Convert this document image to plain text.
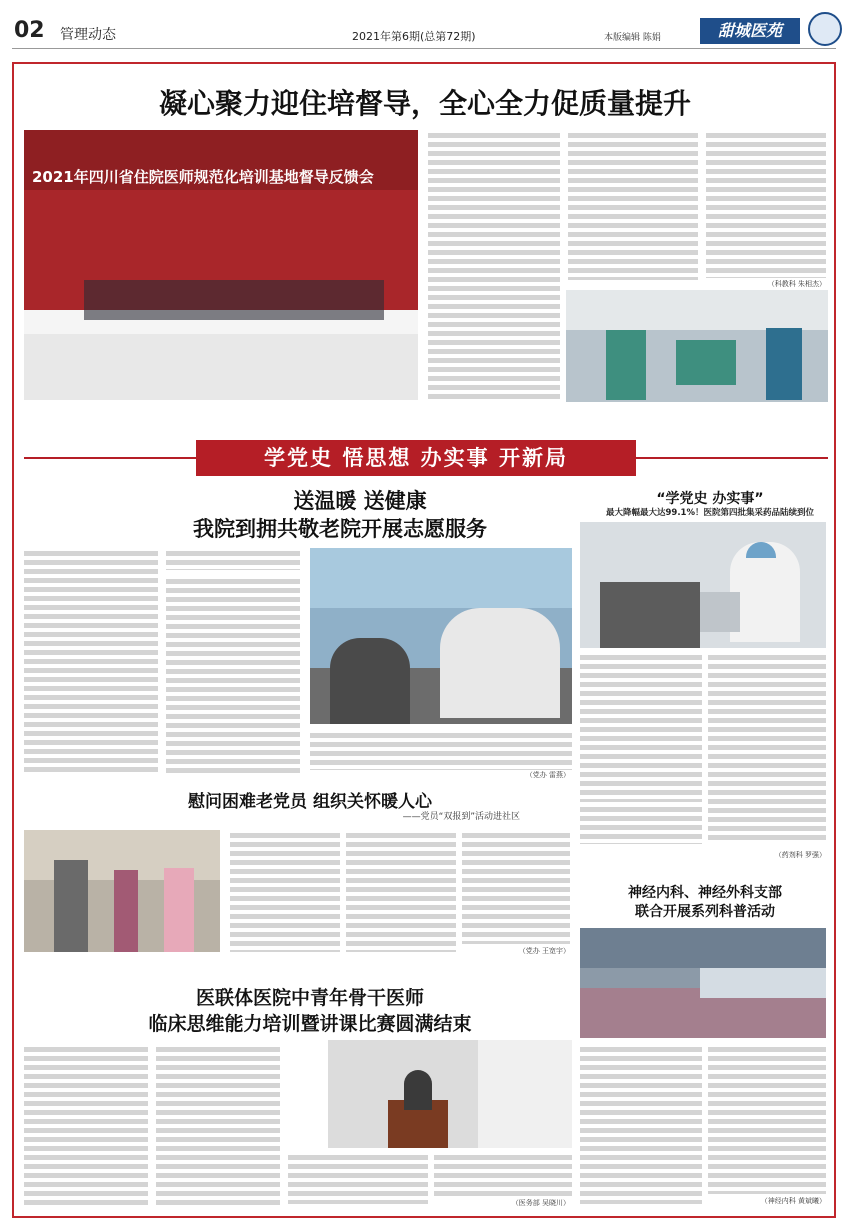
02 管理动态	2021年第6期(总第72期)	本版编辑 陈娟	甜城医苑
凝心聚力迎住培督导，全心全力促质量提升
2021年四川省住院医师规范化培训基地督导反馈会

（科教科 朱相杰）
学党史 悟思想 办实事 开新局
送温暖 送健康
我院到拥共敬老院开展志愿服务
（党办 雷燕）
“学党史 办实事”
最大降幅最大达99.1%！医院第四批集采药品陆续到位
（药剂科 罗强）
慰问困难老党员 组织关怀暖人心
——党员“双报到”活动进社区
（党办 王宽宇）
神经内科、神经外科支部
联合开展系列科普活动
（神经内科 黄斌曦）
医联体医院中青年骨干医师
临床思维能力培训暨讲课比赛圆满结束
（医务部 吴晓川）
